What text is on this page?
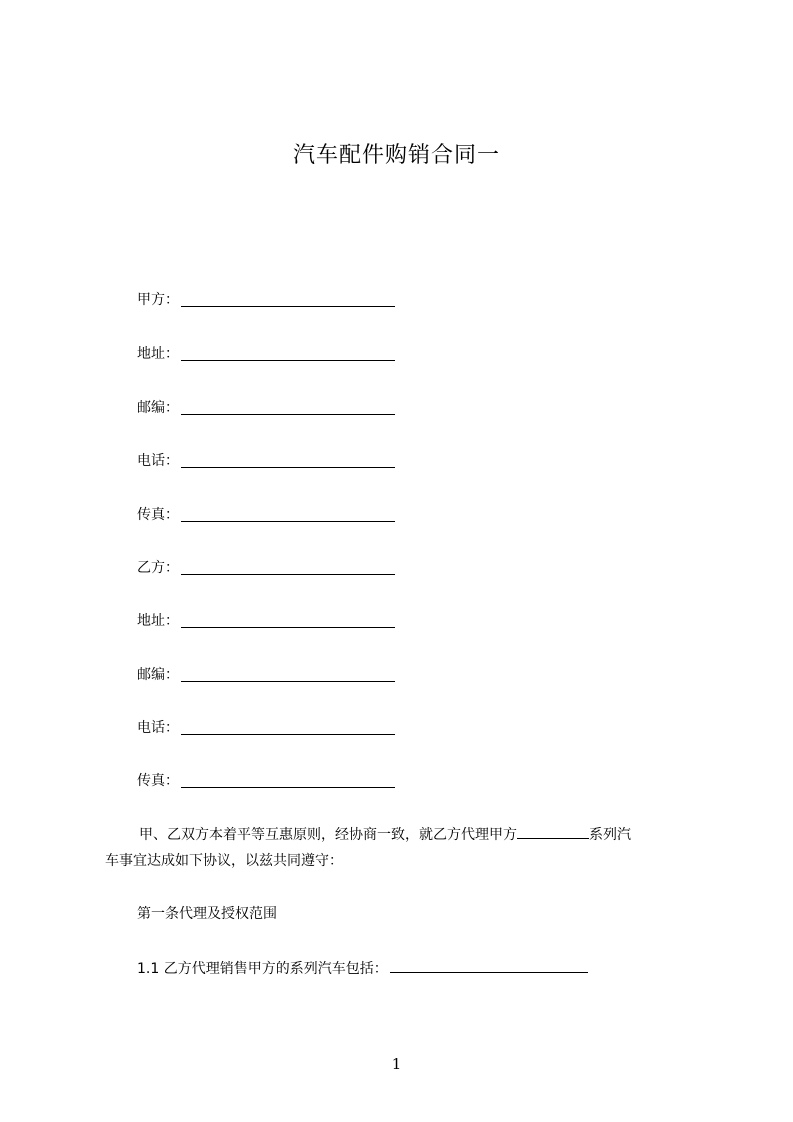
汽车配件购销合同一
甲方：
地址：
邮编：
电话：
传真：
乙方：
地址：
邮编：
电话：
传真：
甲、乙双方本着平等互惠原则，经协商一致，就乙方代理甲方	系列汽
车事宜达成如下协议，以兹共同遵守：
第一条代理及授权范围
1.1 乙方代理销售甲方的系列汽车包括：
1
